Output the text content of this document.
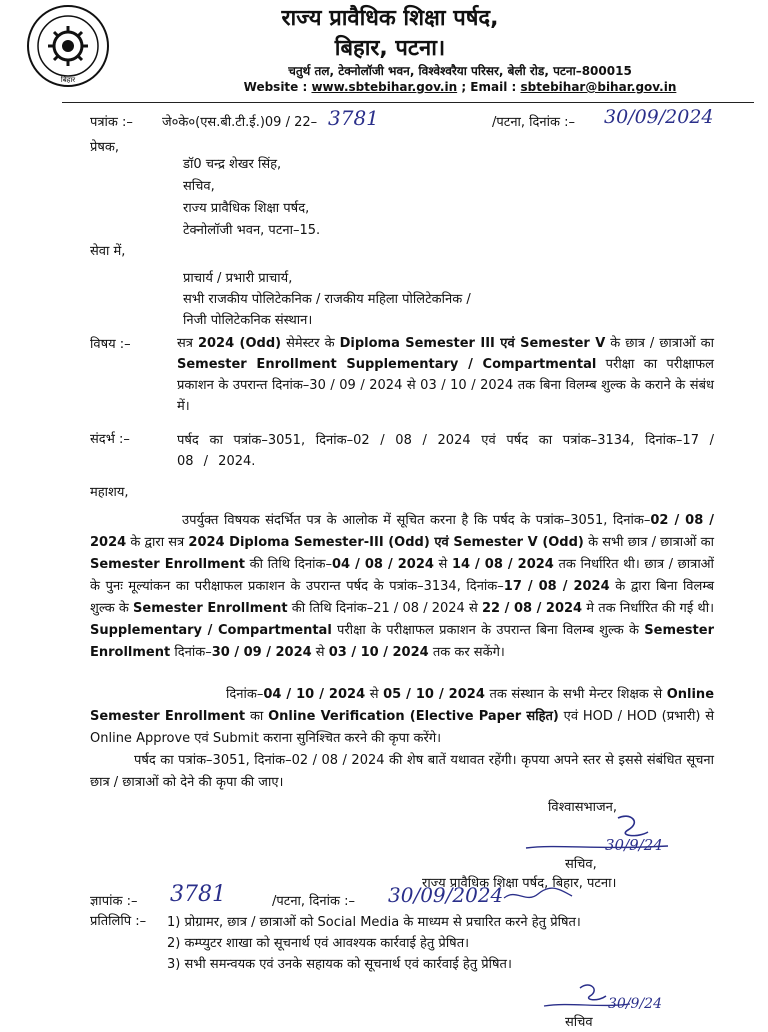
बिहार
राज्य प्रावैधिक शिक्षा पर्षद,
बिहार, पटना।
चतुर्थ तल, टेक्नोलॉजी भवन, विश्वेश्वरैया परिसर, बेली रोड, पटना–800015
Website : www.sbtebihar.gov.in ; Email : sbtebihar@bihar.gov.in
पत्रांक :– जे०के०(एस.बी.टी.ई.)09 / 22– 3781	/पटना, दिनांक :– 30/09/2024
प्रेषक,
डॉ0 चन्द्र शेखर सिंह,
सचिव,
राज्य प्रावैधिक शिक्षा पर्षद,
टेक्नोलॉजी भवन, पटना–15.
सेवा में,
प्राचार्य / प्रभारी प्राचार्य,
सभी राजकीय पोलिटेकनिक / राजकीय महिला पोलिटेकनिक /
निजी पोलिटेकनिक संस्थान।
विषय :–	सत्र 2024 (Odd) सेमेस्टर के Diploma Semester III एवं Semester V के छात्र / छात्राओं का Semester Enrollment Supplementary / Compartmental परीक्षा का परीक्षाफल प्रकाशन के उपरान्त दिनांक–30 / 09 / 2024 से 03 / 10 / 2024 तक बिना विलम्ब शुल्क के कराने के संबंध में।
संदर्भ :–	पर्षद का पत्रांक–3051, दिनांक–02 / 08 / 2024 एवं पर्षद का पत्रांक–3134, दिनांक–17 / 08 / 2024.
महाशय,
उपर्युक्त विषयक संदर्भित पत्र के आलोक में सूचित करना है कि पर्षद के पत्रांक–3051, दिनांक–02 / 08 / 2024 के द्वारा सत्र 2024 Diploma Semester-III (Odd) एवं Semester V (Odd) के सभी छात्र / छात्राओं का Semester Enrollment की तिथि दिनांक–04 / 08 / 2024 से 14 / 08 / 2024 तक निर्धारित थी। छात्र / छात्राओं के पुनः मूल्यांकन का परीक्षाफल प्रकाशन के उपरान्त पर्षद के पत्रांक–3134, दिनांक–17 / 08 / 2024 के द्वारा बिना विलम्ब शुल्क के Semester Enrollment की तिथि दिनांक–21 / 08 / 2024 से 22 / 08 / 2024 मे तक निर्धारित की गई थी। Supplementary / Compartmental परीक्षा के परीक्षाफल प्रकाशन के उपरान्त बिना विलम्ब शुल्क के Semester Enrollment दिनांक–30 / 09 / 2024 से 03 / 10 / 2024 तक कर सकेंगे।
दिनांक–04 / 10 / 2024 से 05 / 10 / 2024 तक संस्थान के सभी मेन्टर शिक्षक से Online Semester Enrollment का Online Verification (Elective Paper सहित) एवं HOD / HOD (प्रभारी) से Online Approve एवं Submit कराना सुनिश्चित करने की कृपा करेंगे।
पर्षद का पत्रांक–3051, दिनांक–02 / 08 / 2024 की शेष बातें यथावत रहेंगी। कृपया अपने स्तर से इससे संबंधित सूचना छात्र / छात्राओं को देने की कृपा की जाए।
विश्वासभाजन,
30/9/24
सचिव,
राज्य प्रावैधिक शिक्षा पर्षद, बिहार, पटना।
ज्ञापांक :– 3781	/पटना, दिनांक :– 30/09/2024
प्रतिलिपि :– 1) प्रोग्रामर, छात्र / छात्राओं को Social Media के माध्यम से प्रचारित करने हेतु प्रेषित।
2) कम्प्युटर शाखा को सूचनार्थ एवं आवश्यक कार्रवाई हेतु प्रेषित।
3) सभी समन्वयक एवं उनके सहायक को सूचनार्थ एवं कार्रवाई हेतु प्रेषित।
30/9/24
सचिव
